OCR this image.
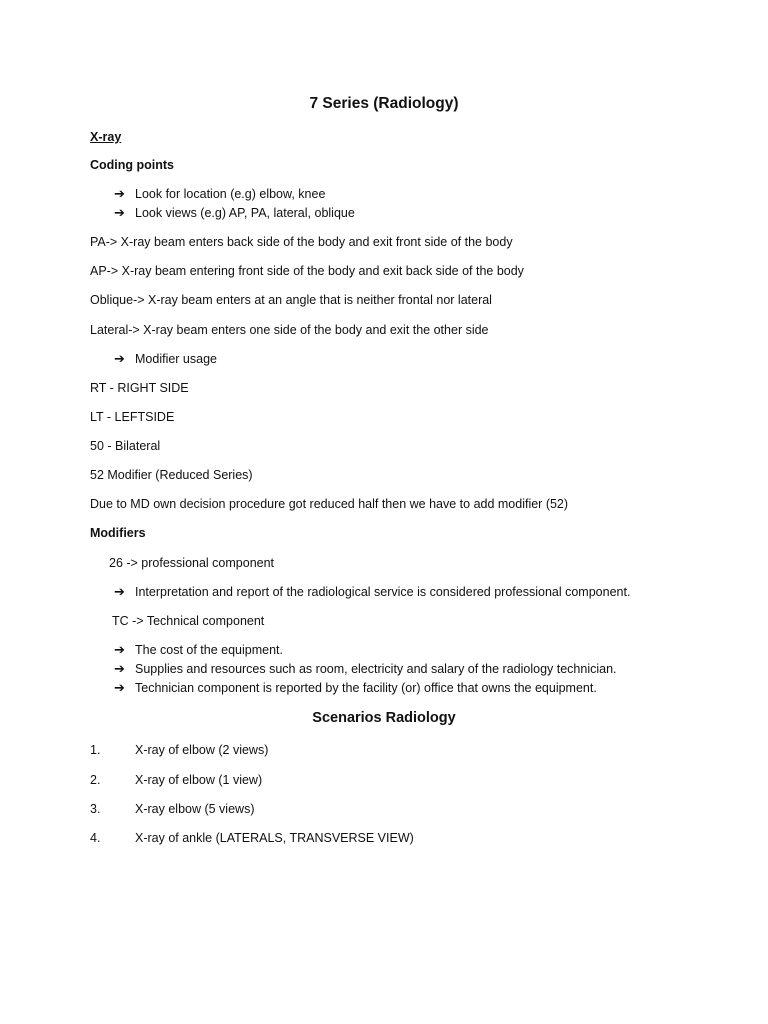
7 Series (Radiology)
X-ray
Coding points
➔ Look for location (e.g) elbow, knee
➔ Look views (e.g) AP, PA, lateral, oblique
PA-> X-ray beam enters back side of the body and exit front side of the body
AP-> X-ray beam entering front side of the body and exit back side of the body
Oblique-> X-ray beam enters at an angle that is neither frontal nor lateral
Lateral-> X-ray beam enters one side of the body and exit the other side
➔ Modifier usage
RT - RIGHT SIDE
LT - LEFTSIDE
50 - Bilateral
52 Modifier (Reduced Series)
Due to MD own decision procedure got reduced half then we have to add modifier (52)
Modifiers
26 -> professional component
➔ Interpretation and report of the radiological service is considered professional component.
TC -> Technical component
➔ The cost of the equipment.
➔ Supplies and resources such as room, electricity and salary of the radiology technician.
➔ Technician component is reported by the facility (or) office that owns the equipment.
Scenarios Radiology
1.	X-ray of elbow (2 views)
2.	X-ray of elbow (1 view)
3.	X-ray elbow (5 views)
4.	X-ray of ankle (LATERALS, TRANSVERSE VIEW)
